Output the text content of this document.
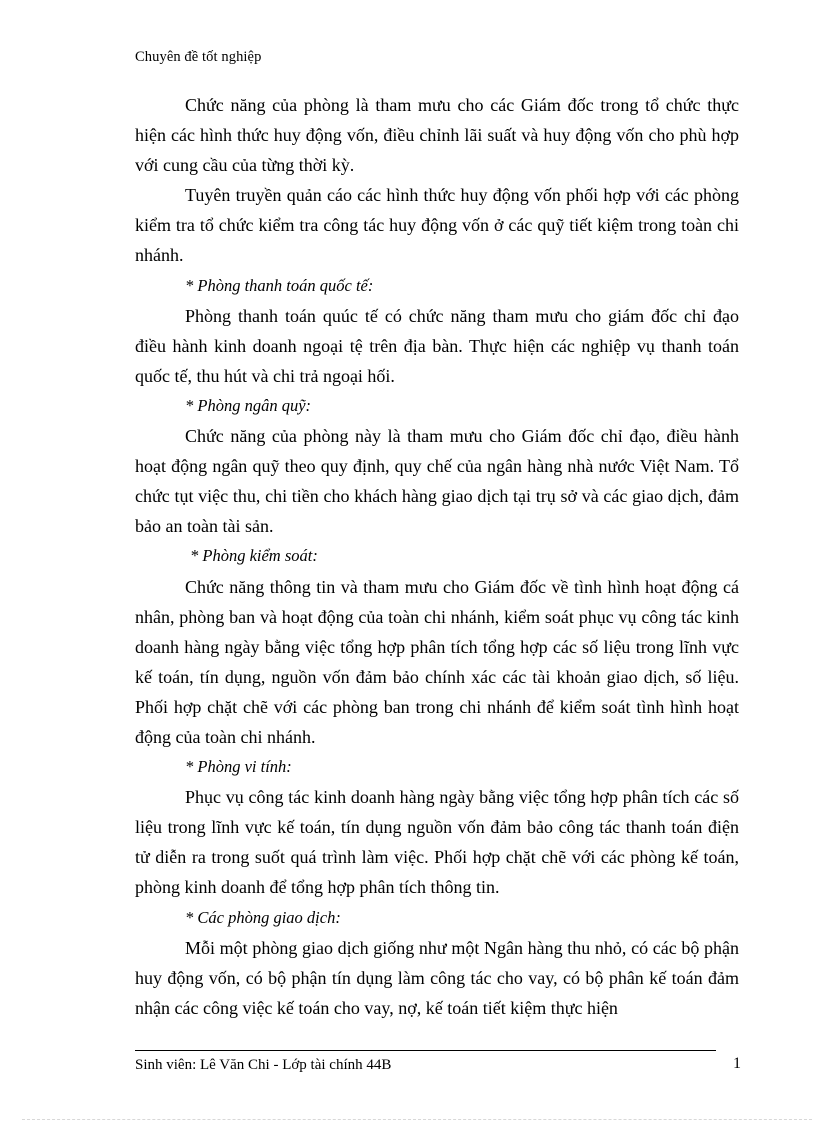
Chuyên đề tốt nghiệp

Chức năng của phòng là tham mưu cho các Giám đốc trong tổ chức thực hiện các hình thức huy động vốn, điều chỉnh lãi suất và huy động vốn cho phù hợp với cung cầu của từng thời kỳ.

Tuyên truyền quản cáo các hình thức huy động vốn phối hợp với các phòng kiểm tra tổ chức kiểm tra công tác huy động vốn ở các quỹ tiết kiệm trong toàn chi nhánh.

* Phòng thanh toán quốc tế:

Phòng thanh toán quúc tế có chức năng tham mưu cho giám đốc chỉ đạo điều hành kinh doanh ngoại tệ trên địa bàn. Thực hiện các nghiệp vụ thanh toán quốc tế, thu hút và chi trả ngoại hối.

* Phòng ngân quỹ:

Chức năng của phòng này là tham mưu cho Giám đốc chỉ đạo, điều hành hoạt động ngân quỹ theo quy định, quy chế của ngân hàng nhà nước Việt Nam. Tổ chức tụt việc thu, chi tiền cho khách hàng giao dịch tại trụ sở và các giao dịch, đảm bảo an toàn tài sản.

* Phòng kiểm soát:

Chức năng thông tin và tham mưu cho Giám đốc về tình hình hoạt động cá nhân, phòng ban và hoạt động của toàn chi nhánh, kiểm soát phục vụ công tác kinh doanh hàng ngày bằng việc tổng hợp phân tích tổng hợp các số liệu trong lĩnh vực kế toán, tín dụng, nguồn vốn đảm bảo chính xác các tài khoản giao dịch, số liệu. Phối hợp chặt chẽ với các phòng ban trong chi nhánh để kiểm soát tình hình hoạt động của toàn chi nhánh.

* Phòng vi tính:

Phục vụ công tác kinh doanh hàng ngày bằng việc tổng hợp phân tích các số liệu trong lĩnh vực kế toán, tín dụng nguồn vốn đảm bảo công tác thanh toán điện tử diễn ra trong suốt quá trình làm việc. Phối hợp chặt chẽ với các phòng kế toán, phòng kinh doanh để tổng hợp phân tích thông tin.

* Các phòng giao dịch:

Mỗi một phòng giao dịch giống như một Ngân hàng thu nhỏ, có các bộ phận huy động vốn, có bộ phận tín dụng làm công tác cho vay, có bộ phân kế toán đảm nhận các công việc kế toán cho vay, nợ, kế toán tiết kiệm thực hiện

Sinh viên: Lê Văn Chi - Lớp tài chính 44B	1
